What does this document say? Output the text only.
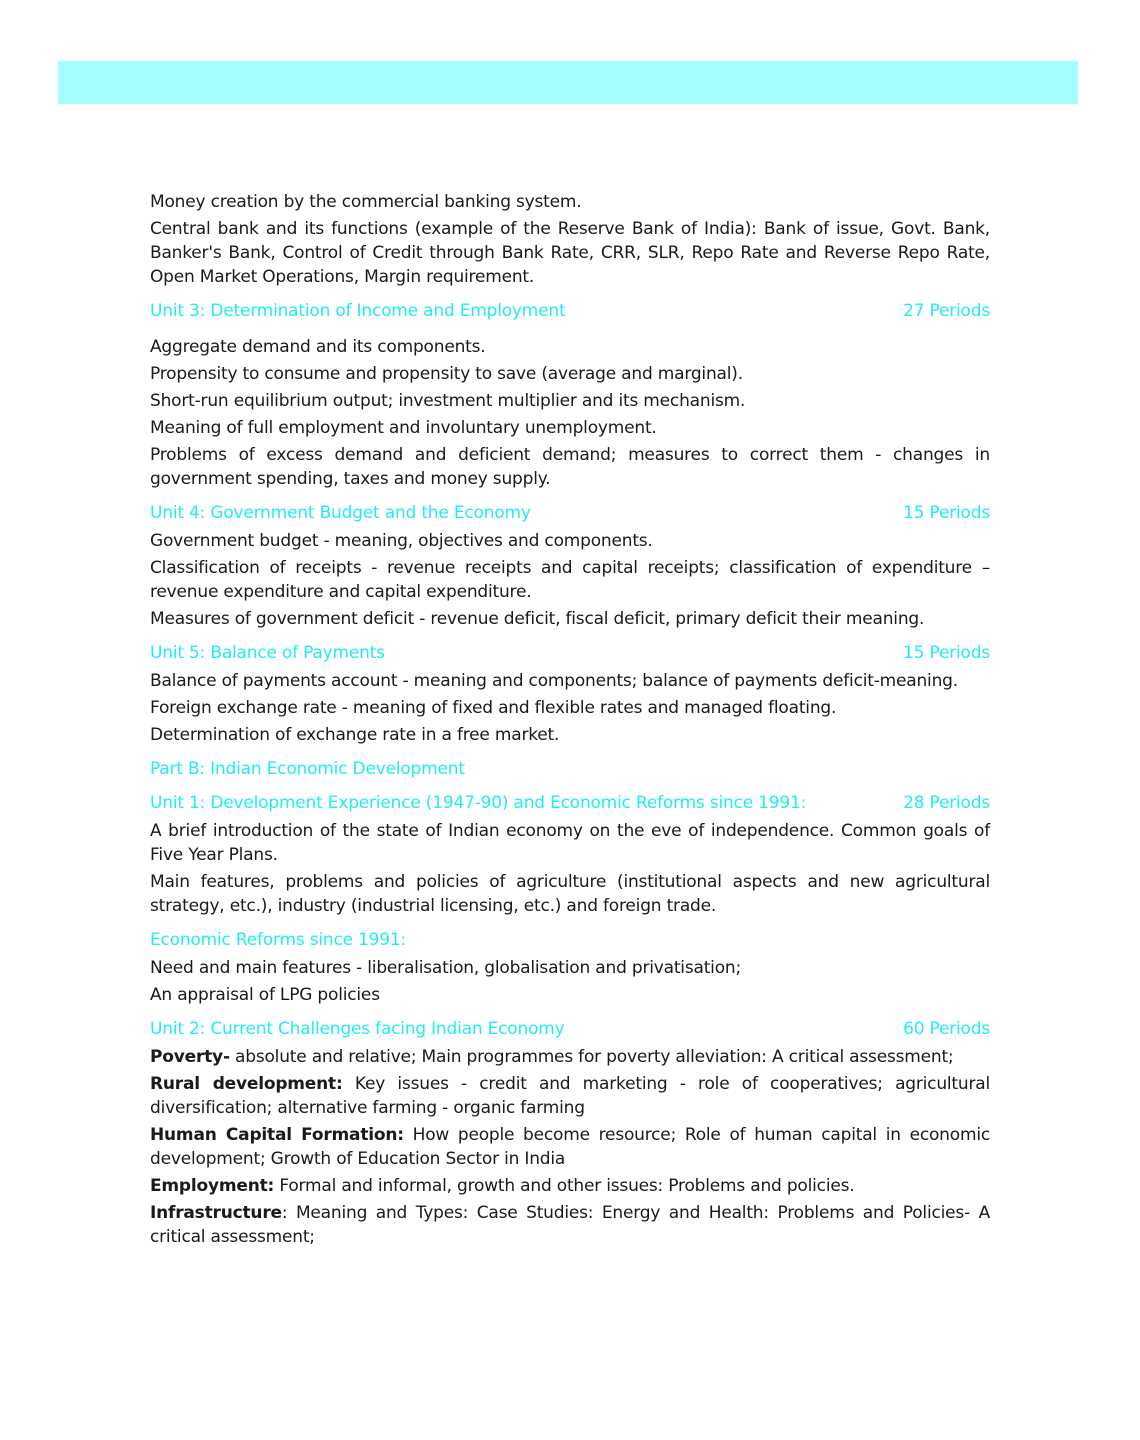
Money creation by the commercial banking system.

Central bank and its functions (example of the Reserve Bank of India): Bank of issue, Govt. Bank, Banker's Bank, Control of Credit through Bank Rate, CRR, SLR, Repo Rate and Reverse Repo Rate, Open Market Operations, Margin requirement.

Unit 3: Determination of Income and Employment	27 Periods

Aggregate demand and its components.

Propensity to consume and propensity to save (average and marginal).

Short-run equilibrium output; investment multiplier and its mechanism.

Meaning of full employment and involuntary unemployment.

Problems of excess demand and deficient demand; measures to correct them - changes in government spending, taxes and money supply.

Unit 4: Government Budget and the Economy	15 Periods

Government budget - meaning, objectives and components.

Classification of receipts - revenue receipts and capital receipts; classification of expenditure – revenue expenditure and capital expenditure.

Measures of government deficit - revenue deficit, fiscal deficit, primary deficit their meaning.

Unit 5: Balance of Payments	15 Periods

Balance of payments account - meaning and components; balance of payments deficit-meaning.

Foreign exchange rate - meaning of fixed and flexible rates and managed floating.

Determination of exchange rate in a free market.

Part B: Indian Economic Development
Unit 1: Development Experience (1947-90) and Economic Reforms since 1991:	28 Periods

A brief introduction of the state of Indian economy on the eve of independence. Common goals of Five Year Plans.

Main features, problems and policies of agriculture (institutional aspects and new agricultural strategy, etc.), industry (industrial licensing, etc.) and foreign trade.

Economic Reforms since 1991:

Need and main features - liberalisation, globalisation and privatisation;

An appraisal of LPG policies

Unit 2: Current Challenges facing Indian Economy	60 Periods

Poverty- absolute and relative; Main programmes for poverty alleviation: A critical assessment;

Rural development: Key issues - credit and marketing - role of cooperatives; agricultural diversification; alternative farming - organic farming

Human Capital Formation: How people become resource; Role of human capital in economic development; Growth of Education Sector in India

Employment: Formal and informal, growth and other issues: Problems and policies.

Infrastructure: Meaning and Types: Case Studies: Energy and Health: Problems and Policies- A critical assessment;
